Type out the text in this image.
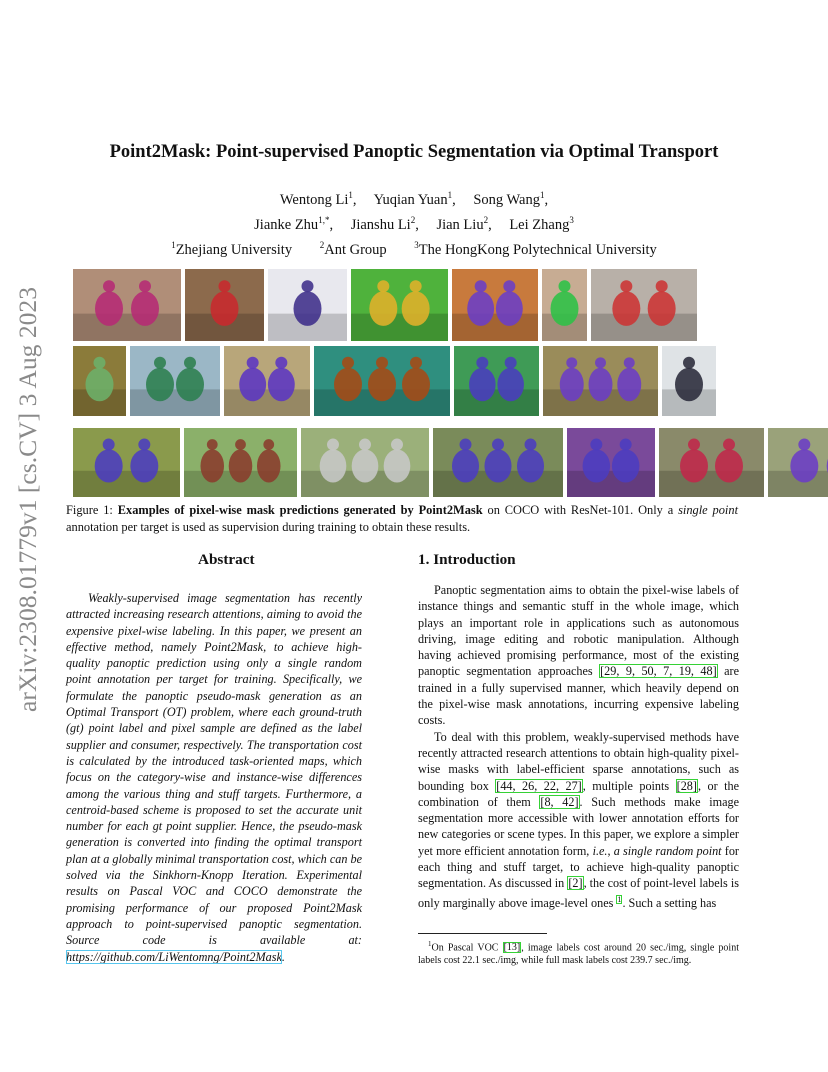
arXiv:2308.01779v1 [cs.CV] 3 Aug 2023
Point2Mask: Point-supervised Panoptic Segmentation via Optimal Transport
Wentong Li$^1$, Yuqian Yuan$^1$, Song Wang$^1$,
Jianke Zhu$^{1,*}$, Jianshu Li$^2$, Jian Liu$^2$, Lei Zhang$^3$
$^1$Zhejiang University	$^2$Ant Group	$^3$The HongKong Polytechnical University
Figure 1: Examples of pixel-wise mask predictions generated by Point2Mask on COCO with ResNet-101. Only a single point annotation per target is used as supervision during training to obtain these results.
Abstract
Weakly-supervised image segmentation has recently attracted increasing research attentions, aiming to avoid the expensive pixel-wise labeling. In this paper, we present an effective method, namely Point2Mask, to achieve high-quality panoptic prediction using only a single random point annotation per target for training. Specifically, we formulate the panoptic pseudo-mask generation as an Optimal Transport (OT) problem, where each ground-truth (gt) point label and pixel sample are defined as the label supplier and consumer, respectively. The transportation cost is calculated by the introduced task-oriented maps, which focus on the category-wise and instance-wise differences among the various thing and stuff targets. Furthermore, a centroid-based scheme is proposed to set the accurate unit number for each gt point supplier. Hence, the pseudo-mask generation is converted into finding the optimal transport plan at a globally minimal transportation cost, which can be solved via the Sinkhorn-Knopp Iteration. Experimental results on Pascal VOC and COCO demonstrate the promising performance of our proposed Point2Mask approach to point-supervised panoptic segmentation. Source code is available at: https://github.com/LiWentomng/Point2Mask.
1. Introduction

Panoptic segmentation aims to obtain the pixel-wise labels of instance things and semantic stuff in the whole image, which plays an important role in applications such as autonomous driving, image editing and robotic manipulation. Although having achieved promising performance, most of the existing panoptic segmentation approaches [29, 9, 50, 7, 19, 48] are trained in a fully supervised manner, which heavily depend on the pixel-wise mask annotations, incurring expensive labeling costs.

To deal with this problem, weakly-supervised methods have recently attracted research attentions to obtain high-quality pixel-wise masks with label-efficient sparse annotations, such as bounding box [44, 26, 22, 27], multiple points [28], or the combination of them [8, 42]. Such methods make image segmentation more accessible with lower annotation efforts for new categories or scene types. In this paper, we explore a simpler yet more efficient annotation form, i.e., a single random point for each thing and stuff target, to achieve high-quality panoptic segmentation. As discussed in [2], the cost of point-level labels is only marginally above image-level ones $^1$. Such a setting has

$^1$On Pascal VOC [13], image labels cost around 20 sec./img, single point labels cost 22.1 sec./img, while full mask labels cost 239.7 sec./img.
